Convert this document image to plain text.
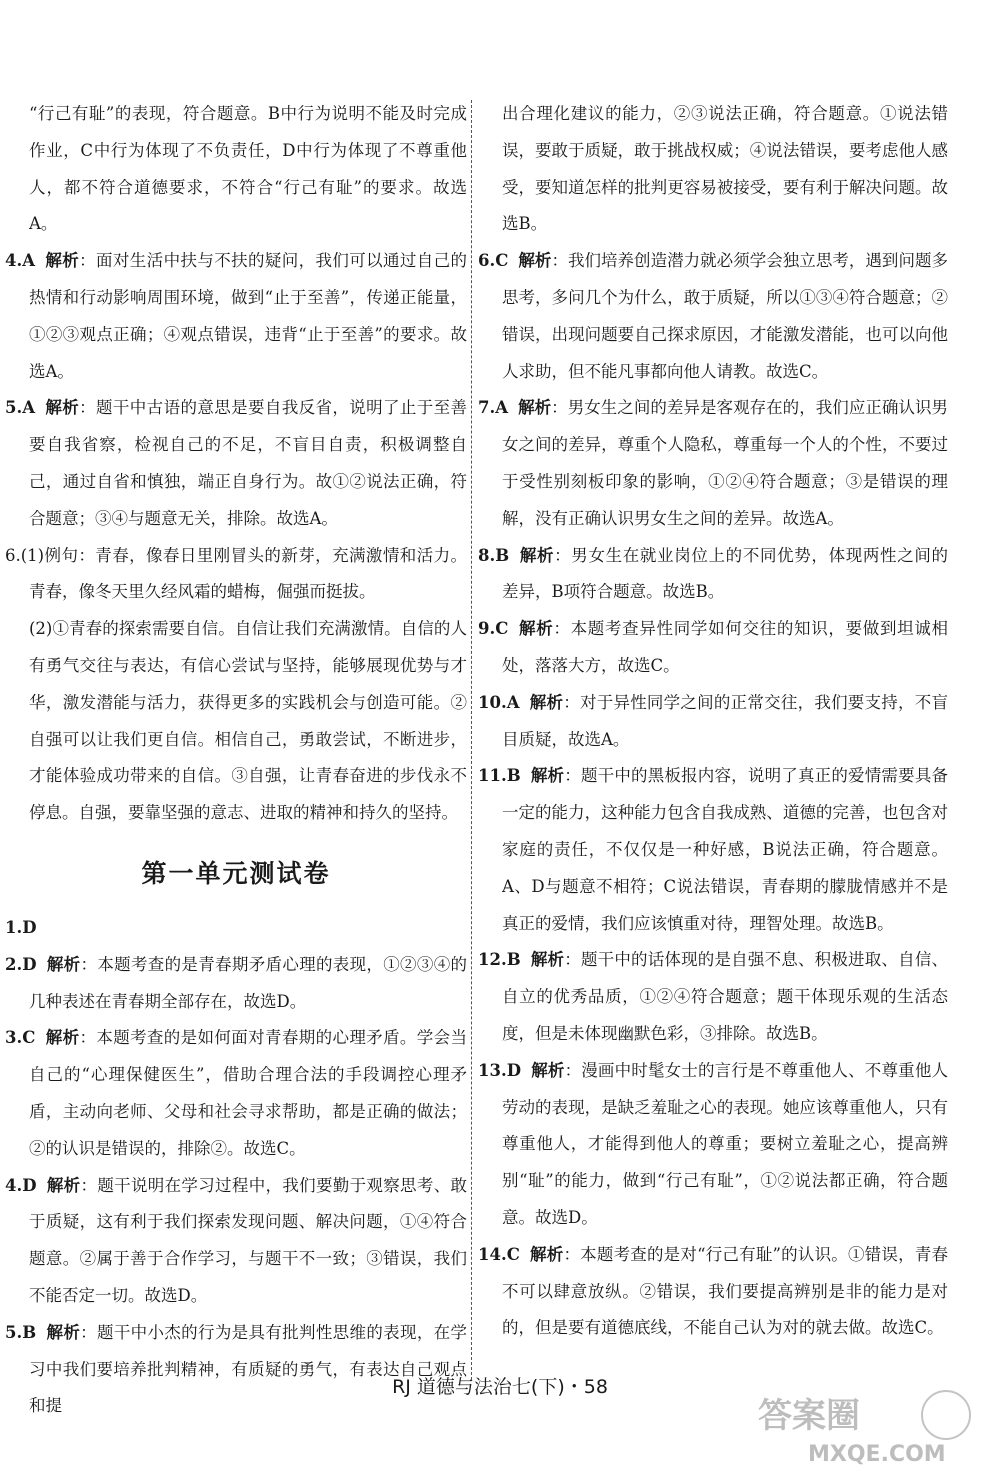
“行己有耻”的表现，符合题意。B中行为说明不能及时完成作业，C中行为体现了不负责任，D中行为体现了不尊重他人，都不符合道德要求，不符合“行己有耻”的要求。故选A。

4.A 解析：面对生活中扶与不扶的疑问，我们可以通过自己的热情和行动影响周围环境，做到“止于至善”，传递正能量，①②③观点正确；④观点错误，违背“止于至善”的要求。故选A。

5.A 解析：题干中古语的意思是要自我反省，说明了止于至善要自我省察，检视自己的不足，不盲目自责，积极调整自己，通过自省和慎独，端正自身行为。故①②说法正确，符合题意；③④与题意无关，排除。故选A。

6.(1)例句：青春，像春日里刚冒头的新芽，充满激情和活力。青春，像冬天里久经风霜的蜡梅，倔强而挺拔。

(2)①青春的探索需要自信。自信让我们充满激情。自信的人有勇气交往与表达，有信心尝试与坚持，能够展现优势与才华，激发潜能与活力，获得更多的实践机会与创造可能。②自强可以让我们更自信。相信自己，勇敢尝试，不断进步，才能体验成功带来的自信。③自强，让青春奋进的步伐永不停息。自强，要靠坚强的意志、进取的精神和持久的坚持。

第一单元测试卷

1.D

2.D 解析：本题考查的是青春期矛盾心理的表现，①②③④的几种表述在青春期全部存在，故选D。

3.C 解析：本题考查的是如何面对青春期的心理矛盾。学会当自己的“心理保健医生”，借助合理合法的手段调控心理矛盾，主动向老师、父母和社会寻求帮助，都是正确的做法；②的认识是错误的，排除②。故选C。

4.D 解析：题干说明在学习过程中，我们要勤于观察思考、敢于质疑，这有利于我们探索发现问题、解决问题，①④符合题意。②属于善于合作学习，与题干不一致；③错误，我们不能否定一切。故选D。

5.B 解析：题干中小杰的行为是具有批判性思维的表现，在学习中我们要培养批判精神，有质疑的勇气，有表达自己观点和提

出合理化建议的能力，②③说法正确，符合题意。①说法错误，要敢于质疑，敢于挑战权威；④说法错误，要考虑他人感受，要知道怎样的批判更容易被接受，要有利于解决问题。故选B。

6.C 解析：我们培养创造潜力就必须学会独立思考，遇到问题多思考，多问几个为什么，敢于质疑，所以①③④符合题意；②错误，出现问题要自己探求原因，才能激发潜能，也可以向他人求助，但不能凡事都向他人请教。故选C。

7.A 解析：男女生之间的差异是客观存在的，我们应正确认识男女之间的差异，尊重个人隐私，尊重每一个人的个性，不要过于受性别刻板印象的影响，①②④符合题意；③是错误的理解，没有正确认识男女生之间的差异。故选A。

8.B 解析：男女生在就业岗位上的不同优势，体现两性之间的差异，B项符合题意。故选B。

9.C 解析：本题考查异性同学如何交往的知识，要做到坦诚相处，落落大方，故选C。

10.A 解析：对于异性同学之间的正常交往，我们要支持，不盲目质疑，故选A。

11.B 解析：题干中的黑板报内容，说明了真正的爱情需要具备一定的能力，这种能力包含自我成熟、道德的完善，也包含对家庭的责任，不仅仅是一种好感，B说法正确，符合题意。A、D与题意不相符；C说法错误，青春期的朦胧情感并不是真正的爱情，我们应该慎重对待，理智处理。故选B。

12.B 解析：题干中的话体现的是自强不息、积极进取、自信、自立的优秀品质，①②④符合题意；题干体现乐观的生活态度，但是未体现幽默色彩，③排除。故选B。

13.D 解析：漫画中时髦女士的言行是不尊重他人、不尊重他人劳动的表现，是缺乏羞耻之心的表现。她应该尊重他人，只有尊重他人，才能得到他人的尊重；要树立羞耻之心，提高辨别“耻”的能力，做到“行己有耻”，①②说法都正确，符合题意。故选D。

14.C 解析：本题考查的是对“行己有耻”的认识。①错误，青春不可以肆意放纵。②错误，我们要提高辨别是非的能力是对的，但是要有道德底线，不能自己认为对的就去做。故选C。

RJ 道德与法治七(下)・58
答案圈
MXQE.COM
